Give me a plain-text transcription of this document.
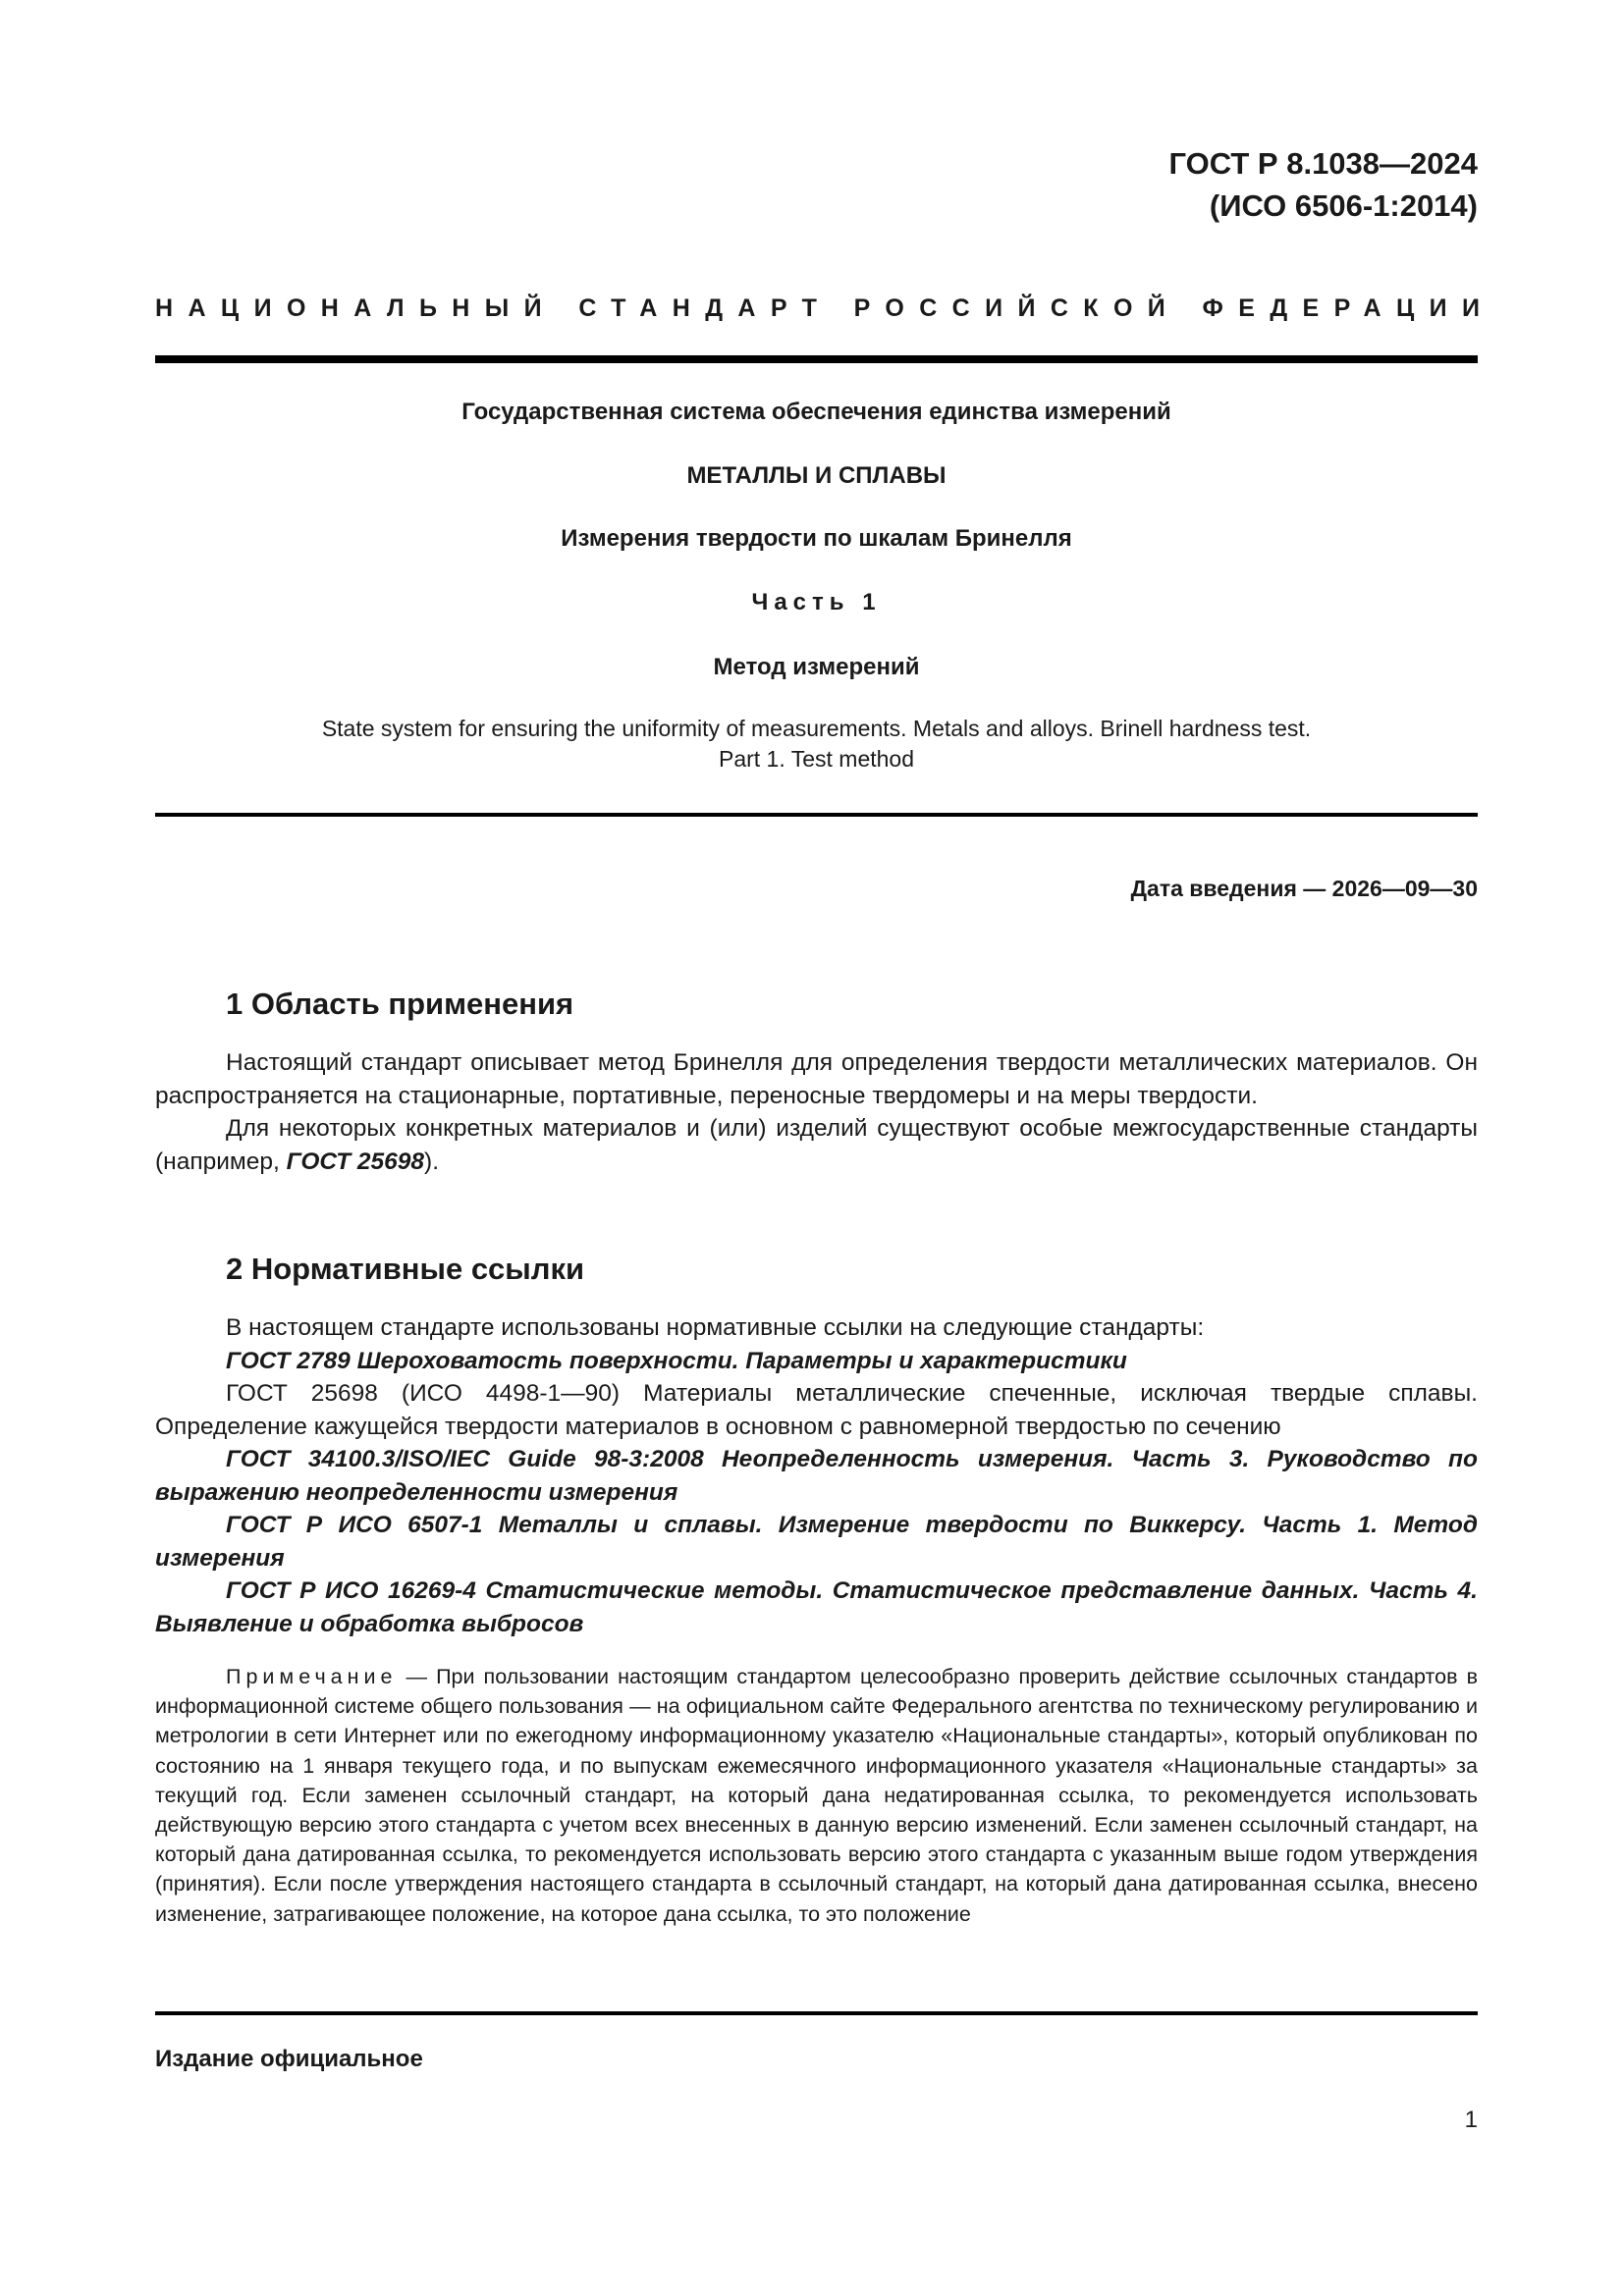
ГОСТ Р 8.1038—2024
(ИСО 6506-1:2014)
НАЦИОНАЛЬНЫЙ СТАНДАРТ РОССИЙСКОЙ ФЕДЕРАЦИИ
Государственная система обеспечения единства измерений
МЕТАЛЛЫ И СПЛАВЫ
Измерения твердости по шкалам Бринелля
Часть 1
Метод измерений
State system for ensuring the uniformity of measurements. Metals and alloys. Brinell hardness test.
Part 1. Test method
Дата введения — 2026—09—30
1 Область применения

Настоящий стандарт описывает метод Бринелля для определения твердости металлических материалов. Он распространяется на стационарные, портативные, переносные твердомеры и на меры твердости.

Для некоторых конкретных материалов и (или) изделий существуют особые межгосударственные стандарты (например, ГОСТ 25698).

2 Нормативные ссылки

В настоящем стандарте использованы нормативные ссылки на следующие стандарты:

ГОСТ 2789 Шероховатость поверхности. Параметры и характеристики

ГОСТ 25698 (ИСО 4498-1—90) Материалы металлические спеченные, исключая твердые сплавы. Определение кажущейся твердости материалов в основном с равномерной твердостью по сечению

ГОСТ 34100.3/ISO/IEC Guide 98-3:2008 Неопределенность измерения. Часть 3. Руководство по выражению неопределенности измерения

ГОСТ Р ИСО 6507-1 Металлы и сплавы. Измерение твердости по Виккерсу. Часть 1. Метод измерения

ГОСТ Р ИСО 16269-4 Статистические методы. Статистическое представление данных. Часть 4. Выявление и обработка выбросов

Примечание — При пользовании настоящим стандартом целесообразно проверить действие ссылочных стандартов в информационной системе общего пользования — на официальном сайте Федерального агентства по техническому регулированию и метрологии в сети Интернет или по ежегодному информационному указателю «Национальные стандарты», который опубликован по состоянию на 1 января текущего года, и по выпускам ежемесячного информационного указателя «Национальные стандарты» за текущий год. Если заменен ссылочный стандарт, на который дана недатированная ссылка, то рекомендуется использовать действующую версию этого стандарта с учетом всех внесенных в данную версию изменений. Если заменен ссылочный стандарт, на который дана датированная ссылка, то рекомендуется использовать версию этого стандарта с указанным выше годом утверждения (принятия). Если после утверждения настоящего стандарта в ссылочный стандарт, на который дана датированная ссылка, внесено изменение, затрагивающее положение, на которое дана ссылка, то это положение
Издание официальное
1
